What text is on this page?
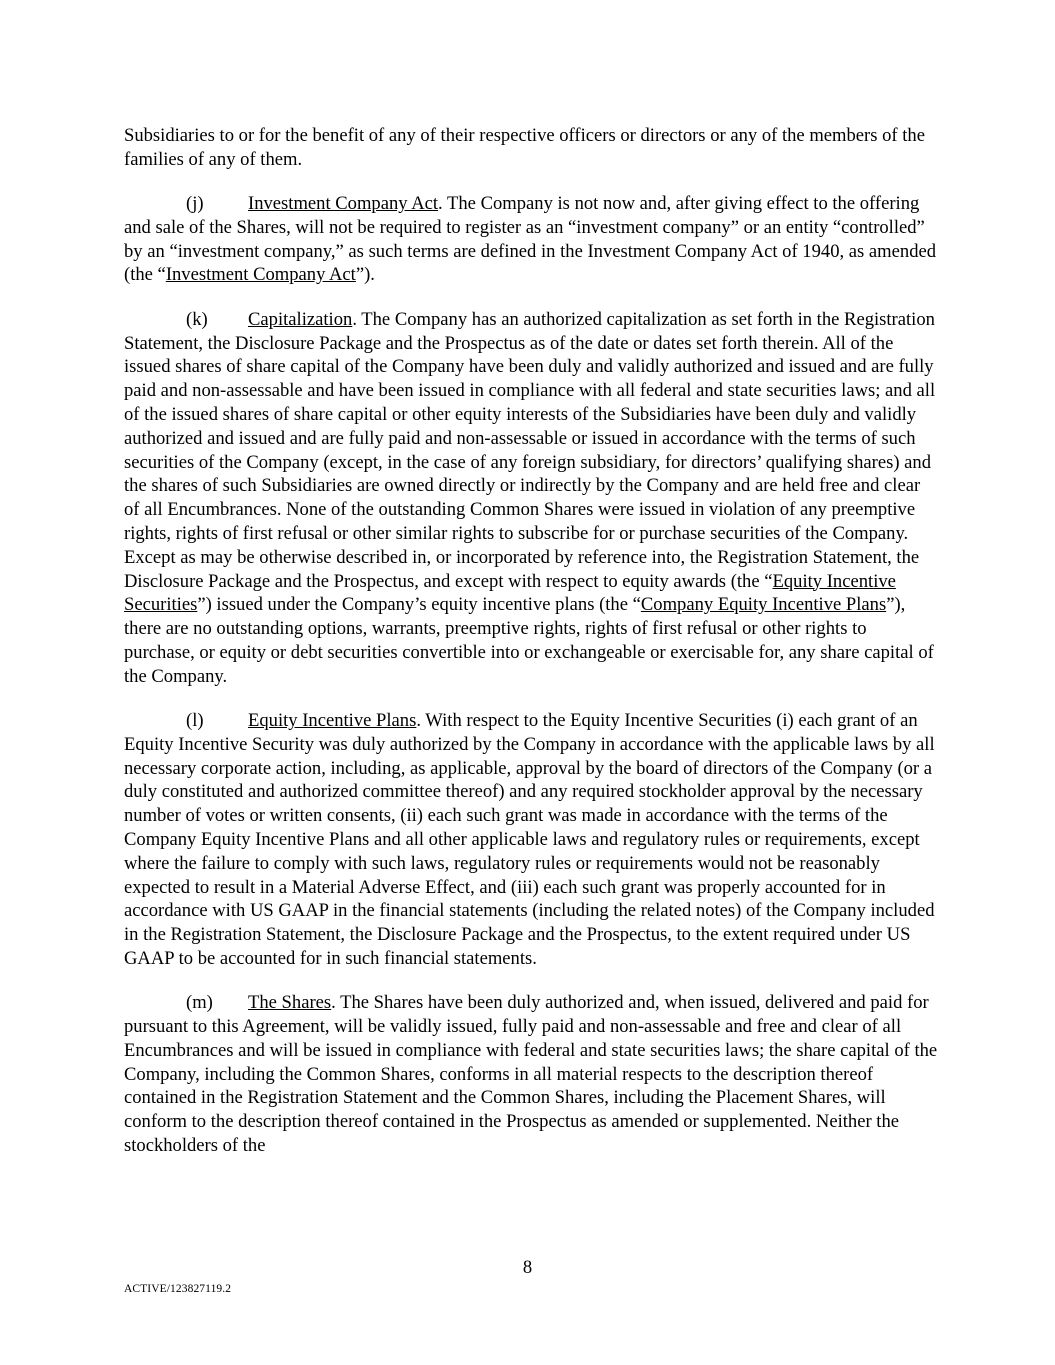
Subsidiaries to or for the benefit of any of their respective officers or directors or any of the members of the families of any of them.

(j) Investment Company Act. The Company is not now and, after giving effect to the offering and sale of the Shares, will not be required to register as an “investment company” or an entity “controlled” by an “investment company,” as such terms are defined in the Investment Company Act of 1940, as amended (the “Investment Company Act”).

(k) Capitalization. The Company has an authorized capitalization as set forth in the Registration Statement, the Disclosure Package and the Prospectus as of the date or dates set forth therein. All of the issued shares of share capital of the Company have been duly and validly authorized and issued and are fully paid and non-assessable and have been issued in compliance with all federal and state securities laws; and all of the issued shares of share capital or other equity interests of the Subsidiaries have been duly and validly authorized and issued and are fully paid and non-assessable or issued in accordance with the terms of such securities of the Company (except, in the case of any foreign subsidiary, for directors’ qualifying shares) and the shares of such Subsidiaries are owned directly or indirectly by the Company and are held free and clear of all Encumbrances. None of the outstanding Common Shares were issued in violation of any preemptive rights, rights of first refusal or other similar rights to subscribe for or purchase securities of the Company. Except as may be otherwise described in, or incorporated by reference into, the Registration Statement, the Disclosure Package and the Prospectus, and except with respect to equity awards (the “Equity Incentive Securities”) issued under the Company’s equity incentive plans (the “Company Equity Incentive Plans”), there are no outstanding options, warrants, preemptive rights, rights of first refusal or other rights to purchase, or equity or debt securities convertible into or exchangeable or exercisable for, any share capital of the Company.

(l) Equity Incentive Plans. With respect to the Equity Incentive Securities (i) each grant of an Equity Incentive Security was duly authorized by the Company in accordance with the applicable laws by all necessary corporate action, including, as applicable, approval by the board of directors of the Company (or a duly constituted and authorized committee thereof) and any required stockholder approval by the necessary number of votes or written consents, (ii) each such grant was made in accordance with the terms of the Company Equity Incentive Plans and all other applicable laws and regulatory rules or requirements, except where the failure to comply with such laws, regulatory rules or requirements would not be reasonably expected to result in a Material Adverse Effect, and (iii) each such grant was properly accounted for in accordance with US GAAP in the financial statements (including the related notes) of the Company included in the Registration Statement, the Disclosure Package and the Prospectus, to the extent required under US GAAP to be accounted for in such financial statements.

(m) The Shares. The Shares have been duly authorized and, when issued, delivered and paid for pursuant to this Agreement, will be validly issued, fully paid and non-assessable and free and clear of all Encumbrances and will be issued in compliance with federal and state securities laws; the share capital of the Company, including the Common Shares, conforms in all material respects to the description thereof contained in the Registration Statement and the Common Shares, including the Placement Shares, will conform to the description thereof contained in the Prospectus as amended or supplemented. Neither the stockholders of the

8
ACTIVE/123827119.2
